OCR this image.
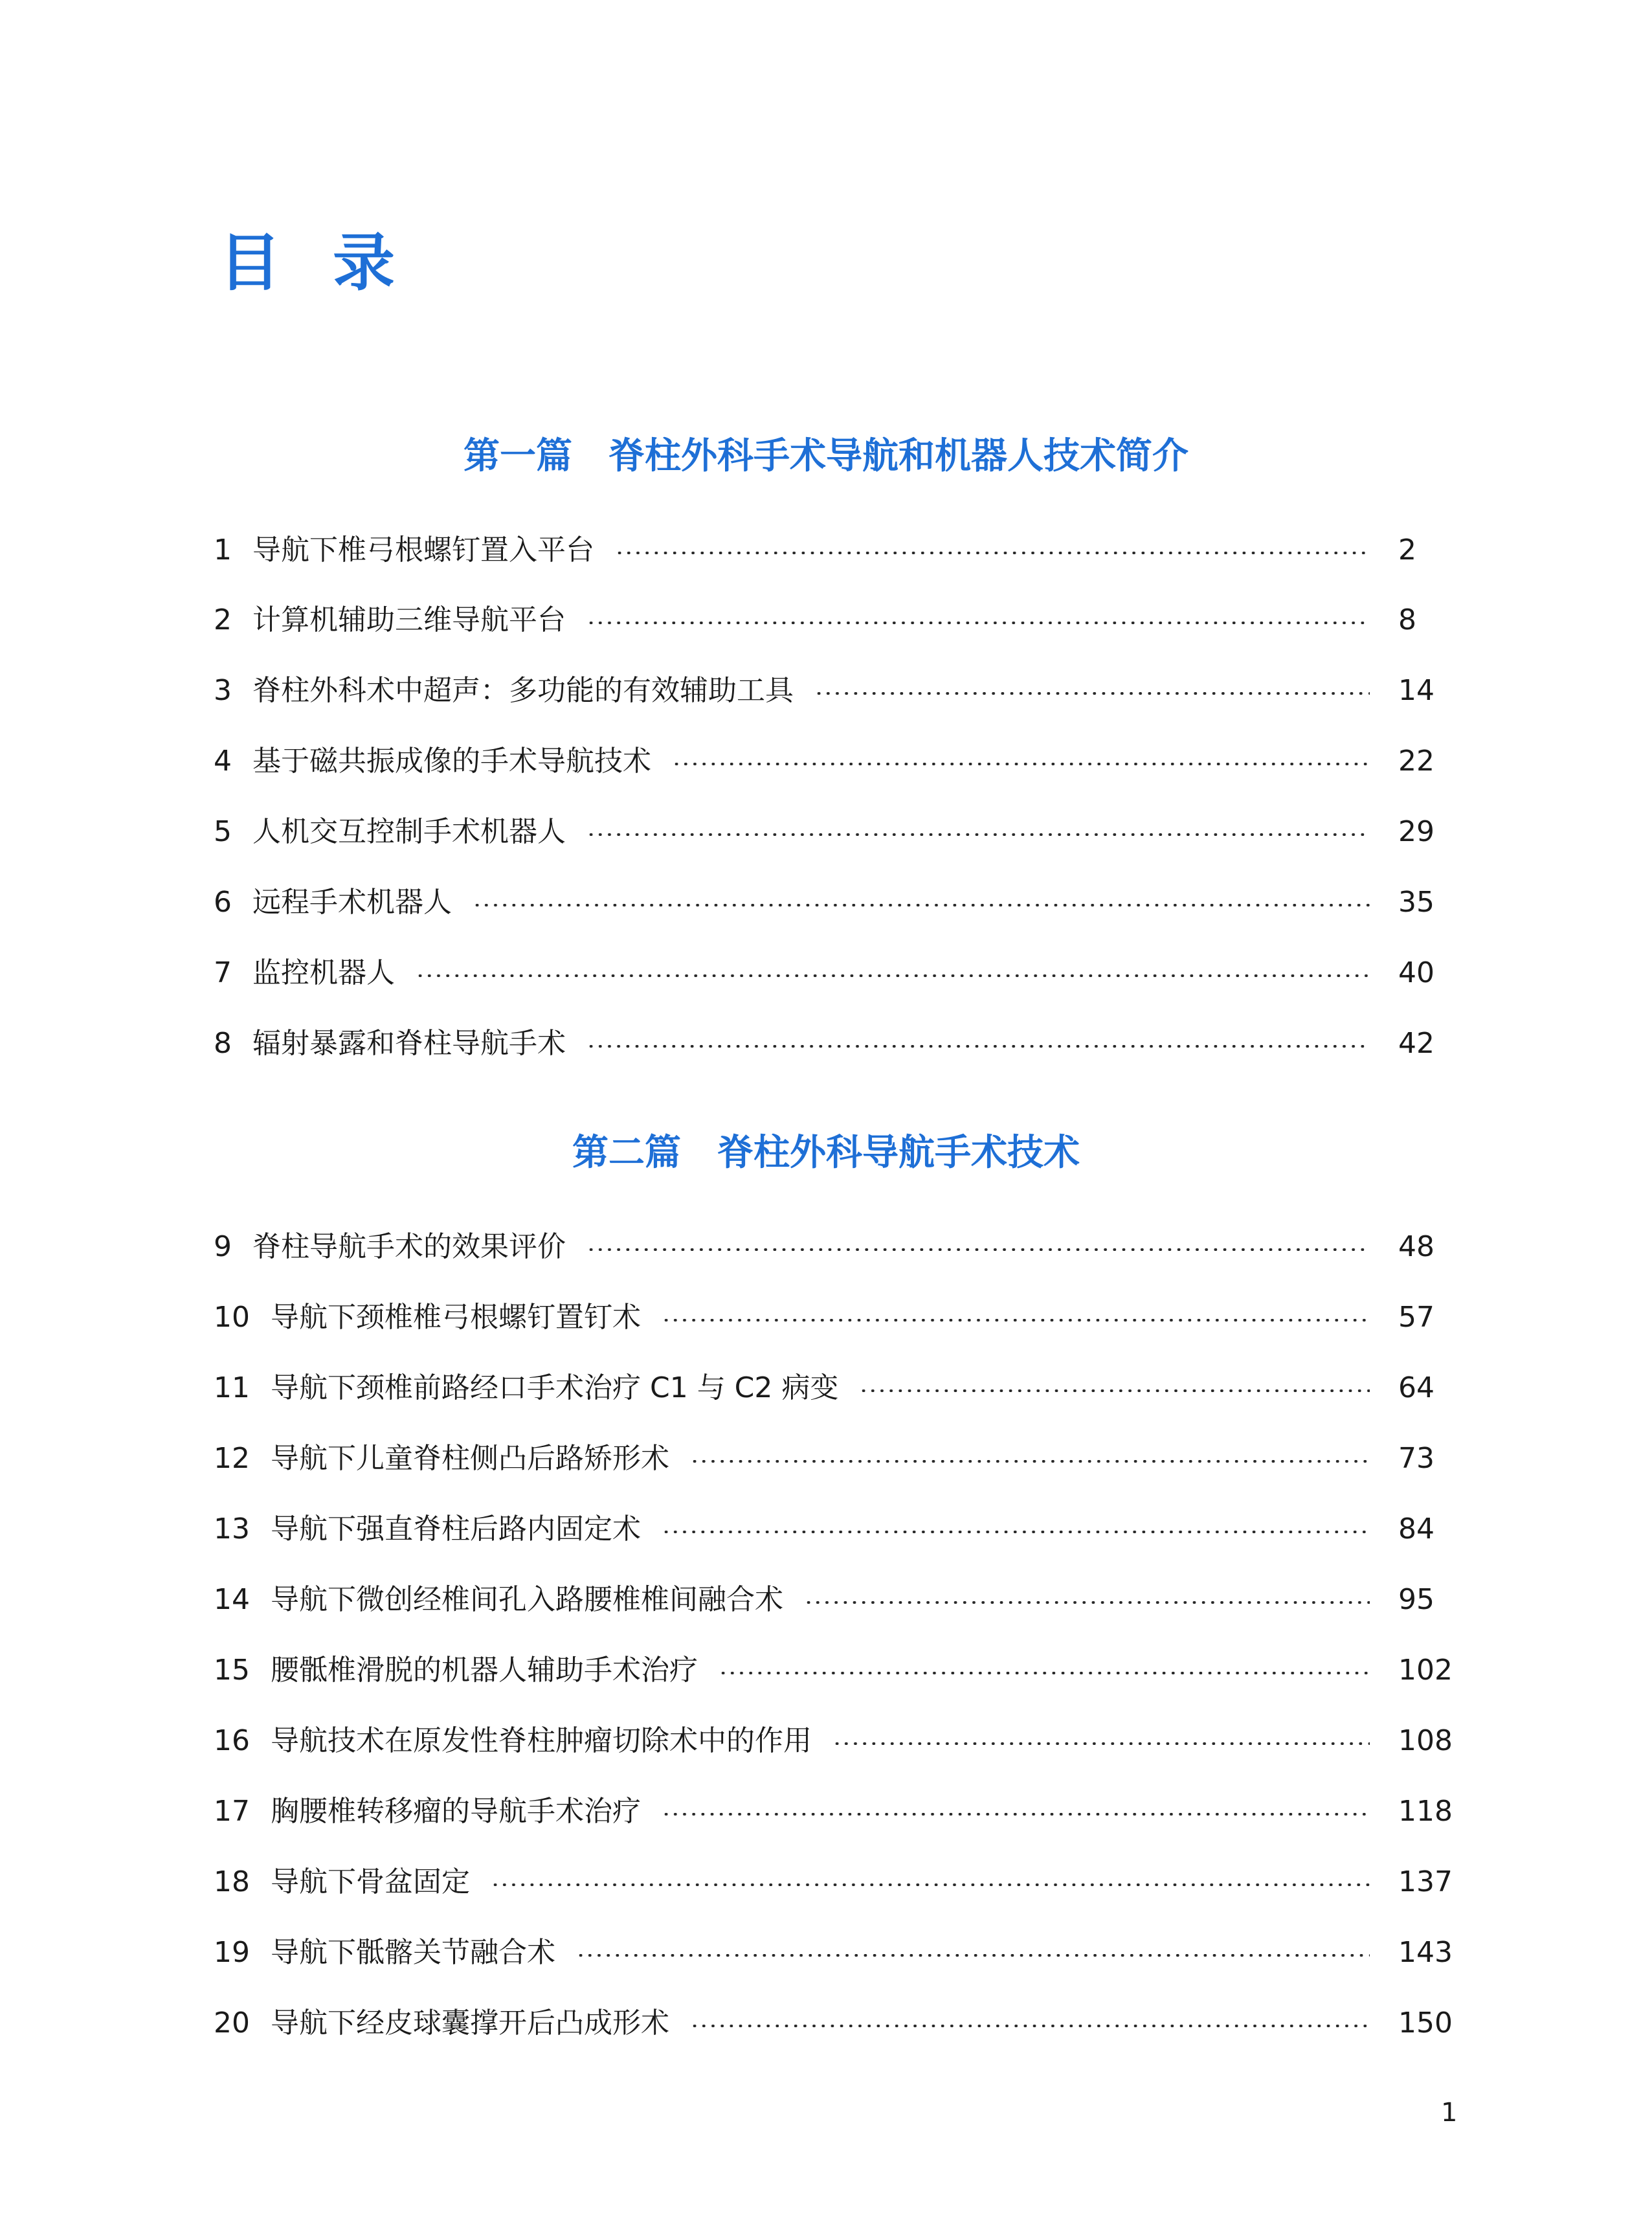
目录
第一篇　脊柱外科手术导航和机器人技术简介
1 导航下椎弓根螺钉置入平台	2
2 计算机辅助三维导航平台	8
3 脊柱外科术中超声：多功能的有效辅助工具	14
4 基于磁共振成像的手术导航技术	22
5 人机交互控制手术机器人	29
6 远程手术机器人	35
7 监控机器人	40
8 辐射暴露和脊柱导航手术	42
第二篇　脊柱外科导航手术技术
9 脊柱导航手术的效果评价	48
10 导航下颈椎椎弓根螺钉置钉术	57
11 导航下颈椎前路经口手术治疗 C1 与 C2 病变	64
12 导航下儿童脊柱侧凸后路矫形术	73
13 导航下强直脊柱后路内固定术	84
14 导航下微创经椎间孔入路腰椎椎间融合术	95
15 腰骶椎滑脱的机器人辅助手术治疗	102
16 导航技术在原发性脊柱肿瘤切除术中的作用	108
17 胸腰椎转移瘤的导航手术治疗	118
18 导航下骨盆固定	137
19 导航下骶髂关节融合术	143
20 导航下经皮球囊撑开后凸成形术	150

1
